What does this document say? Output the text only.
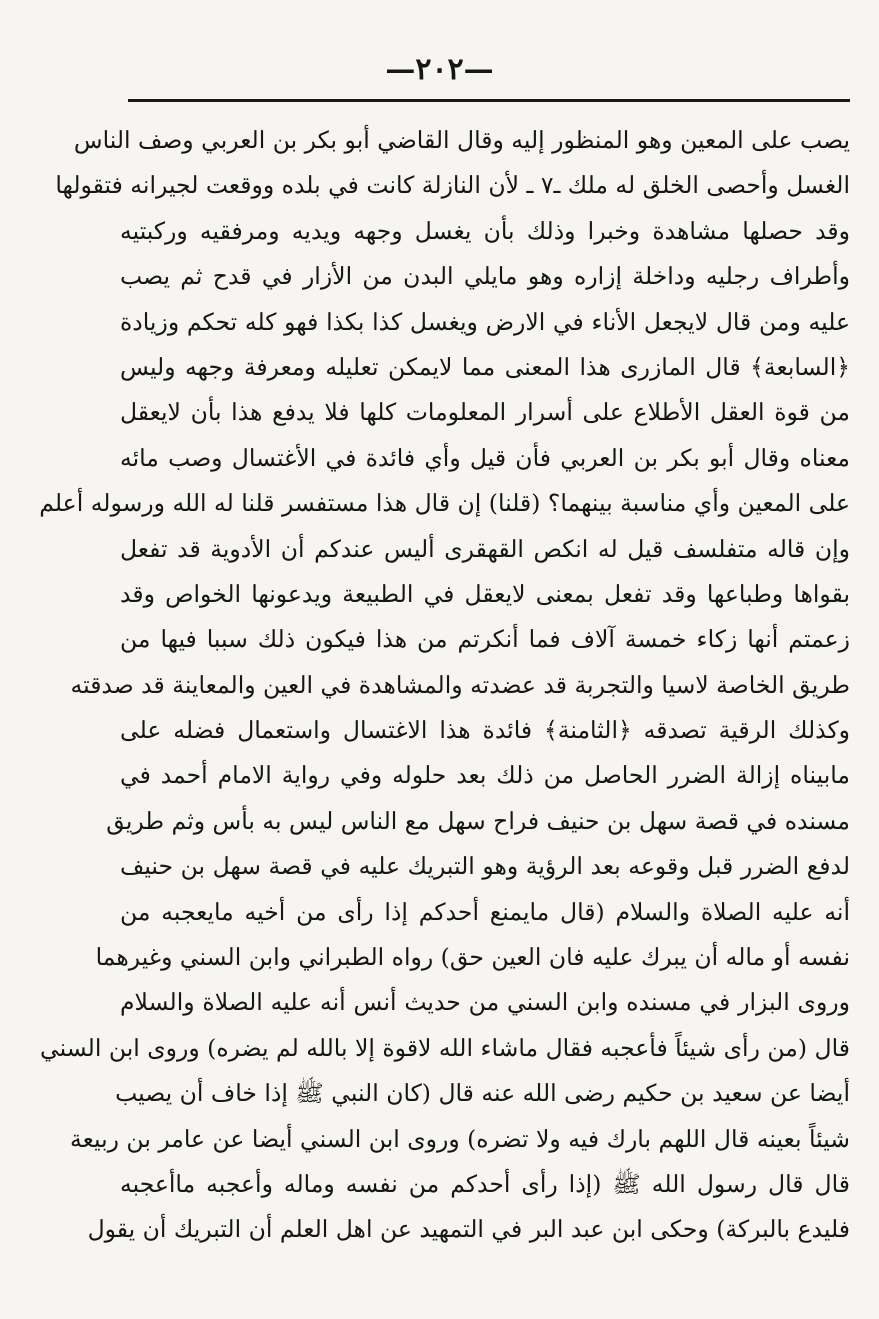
—٢٠٢—
يصب على المعين وهو المنظور إليه وقال القاضي أبو بكر بن العربي وصف الناس
الغسل وأحصى الخلق له ملك ـ٧ ـ لأن النازلة كانت في بلده ووقعت لجيرانه فتقولها
وقد حصلها مشاهدة وخبرا وذلك بأن يغسل وجهه ويديه ومرفقيه وركبتيه
وأطراف رجليه وداخلة إزاره وهو مايلي البدن من الأزار في قدح ثم يصب
عليه ومن قال لايجعل الأناء في الارض ويغسل كذا بكذا فهو كله تحكم وزيادة
﴿السابعة﴾ قال المازرى هذا المعنى مما لايمكن تعليله ومعرفة وجهه وليس
من قوة العقل الأطلاع على أسرار المعلومات كلها فلا يدفع هذا بأن لايعقل
معناه وقال أبو بكر بن العربي فأن قيل وأي فائدة في الأغتسال وصب مائه
على المعين وأي مناسبة بينهما؟ (قلنا) إن قال هذا مستفسر قلنا له الله ورسوله أعلم
وإن قاله متفلسف قيل له انكص القهقرى أليس عندكم أن الأدوية قد تفعل
بقواها وطباعها وقد تفعل بمعنى لايعقل في الطبيعة ويدعونها الخواص وقد
زعمتم أنها زكاء خمسة آلاف فما أنكرتم من هذا فيكون ذلك سببا فيها من
طريق الخاصة لاسيا والتجربة قد عضدته والمشاهدة في العين والمعاينة قد صدقته
وكذلك الرقية تصدقه ﴿الثامنة﴾ فائدة هذا الاغتسال واستعمال فضله على
مابيناه إزالة الضرر الحاصل من ذلك بعد حلوله وفي رواية الامام أحمد في
مسنده في قصة سهل بن حنيف فراح سهل مع الناس ليس به بأس وثم طريق
لدفع الضرر قبل وقوعه بعد الرؤية وهو التبريك عليه في قصة سهل بن حنيف
أنه عليه الصلاة والسلام (قال مايمنع أحدكم إذا رأى من أخيه مايعجبه من
نفسه أو ماله أن يبرك عليه فان العين حق) رواه الطبراني وابن السني وغيرهما
وروى البزار في مسنده وابن السني من حديث أنس أنه عليه الصلاة والسلام
قال (من رأى شيئاً فأعجبه فقال ماشاء الله لاقوة إلا بالله لم يضره) وروى ابن السني
أيضا عن سعيد بن حكيم رضى الله عنه قال (كان النبي ﷺ إذا خاف أن يصيب
شيئاً بعينه قال اللهم بارك فيه ولا تضره) وروى ابن السني أيضا عن عامر بن ربيعة
قال قال رسول الله ﷺ (إذا رأى أحدكم من نفسه وماله وأعجبه ماأعجبه
فليدع بالبركة) وحكى ابن عبد البر في التمهيد عن اهل العلم أن التبريك أن يقول
